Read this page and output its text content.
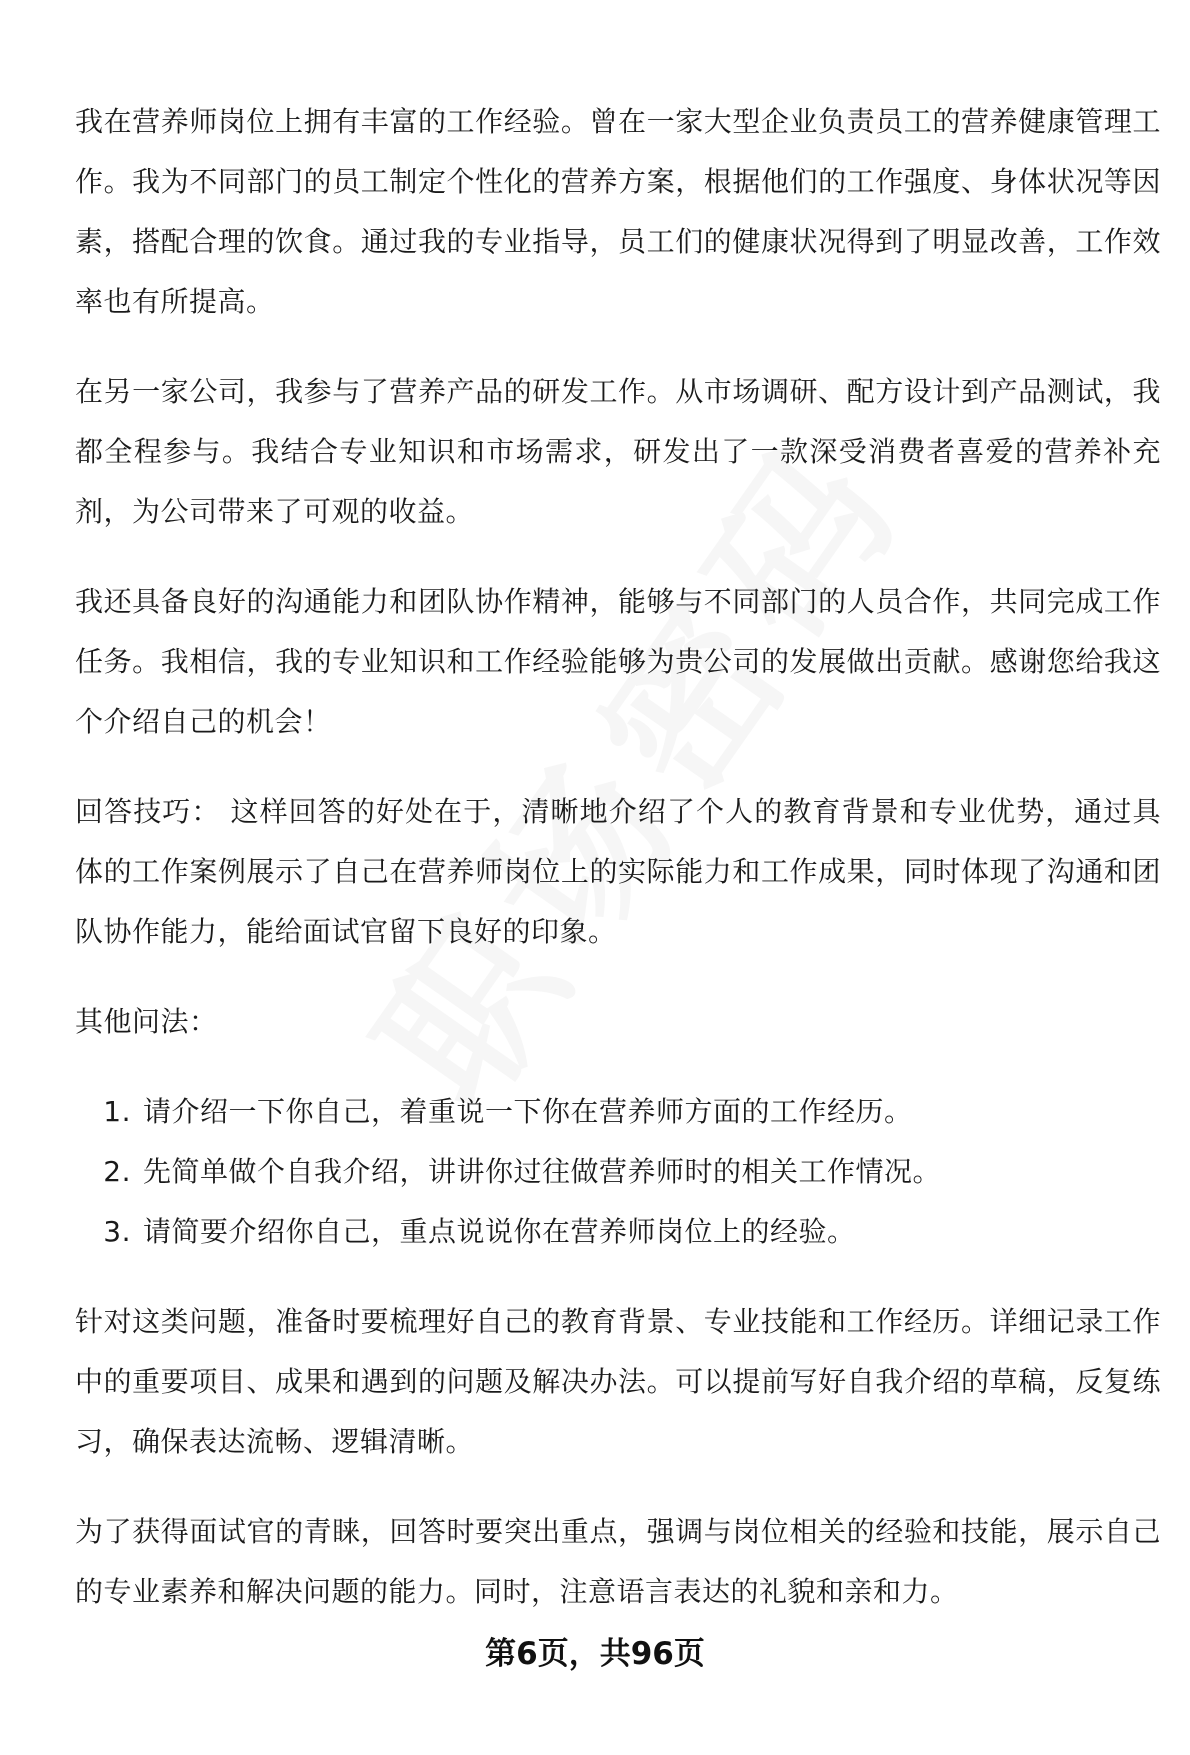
我在营养师岗位上拥有丰富的工作经验。曾在一家大型企业负责员工的营养健康管理工作。我为不同部门的员工制定个性化的营养方案，根据他们的工作强度、身体状况等因素，搭配合理的饮食。通过我的专业指导，员工们的健康状况得到了明显改善，工作效率也有所提高。

在另一家公司，我参与了营养产品的研发工作。从市场调研、配方设计到产品测试，我都全程参与。我结合专业知识和市场需求，研发出了一款深受消费者喜爱的营养补充剂，为公司带来了可观的收益。

我还具备良好的沟通能力和团队协作精神，能够与不同部门的人员合作，共同完成工作任务。我相信，我的专业知识和工作经验能够为贵公司的发展做出贡献。感谢您给我这个介绍自己的机会！

回答技巧： 这样回答的好处在于，清晰地介绍了个人的教育背景和专业优势，通过具体的工作案例展示了自己在营养师岗位上的实际能力和工作成果，同时体现了沟通和团队协作能力，能给面试官留下良好的印象。

其他问法：

1. 请介绍一下你自己，着重说一下你在营养师方面的工作经历。
2. 先简单做个自我介绍，讲讲你过往做营养师时的相关工作情况。
3. 请简要介绍你自己，重点说说你在营养师岗位上的经验。

针对这类问题，准备时要梳理好自己的教育背景、专业技能和工作经历。详细记录工作中的重要项目、成果和遇到的问题及解决办法。可以提前写好自我介绍的草稿，反复练习，确保表达流畅、逻辑清晰。

为了获得面试官的青睐，回答时要突出重点，强调与岗位相关的经验和技能，展示自己的专业素养和解决问题的能力。同时，注意语言表达的礼貌和亲和力。

第6页，共96页
